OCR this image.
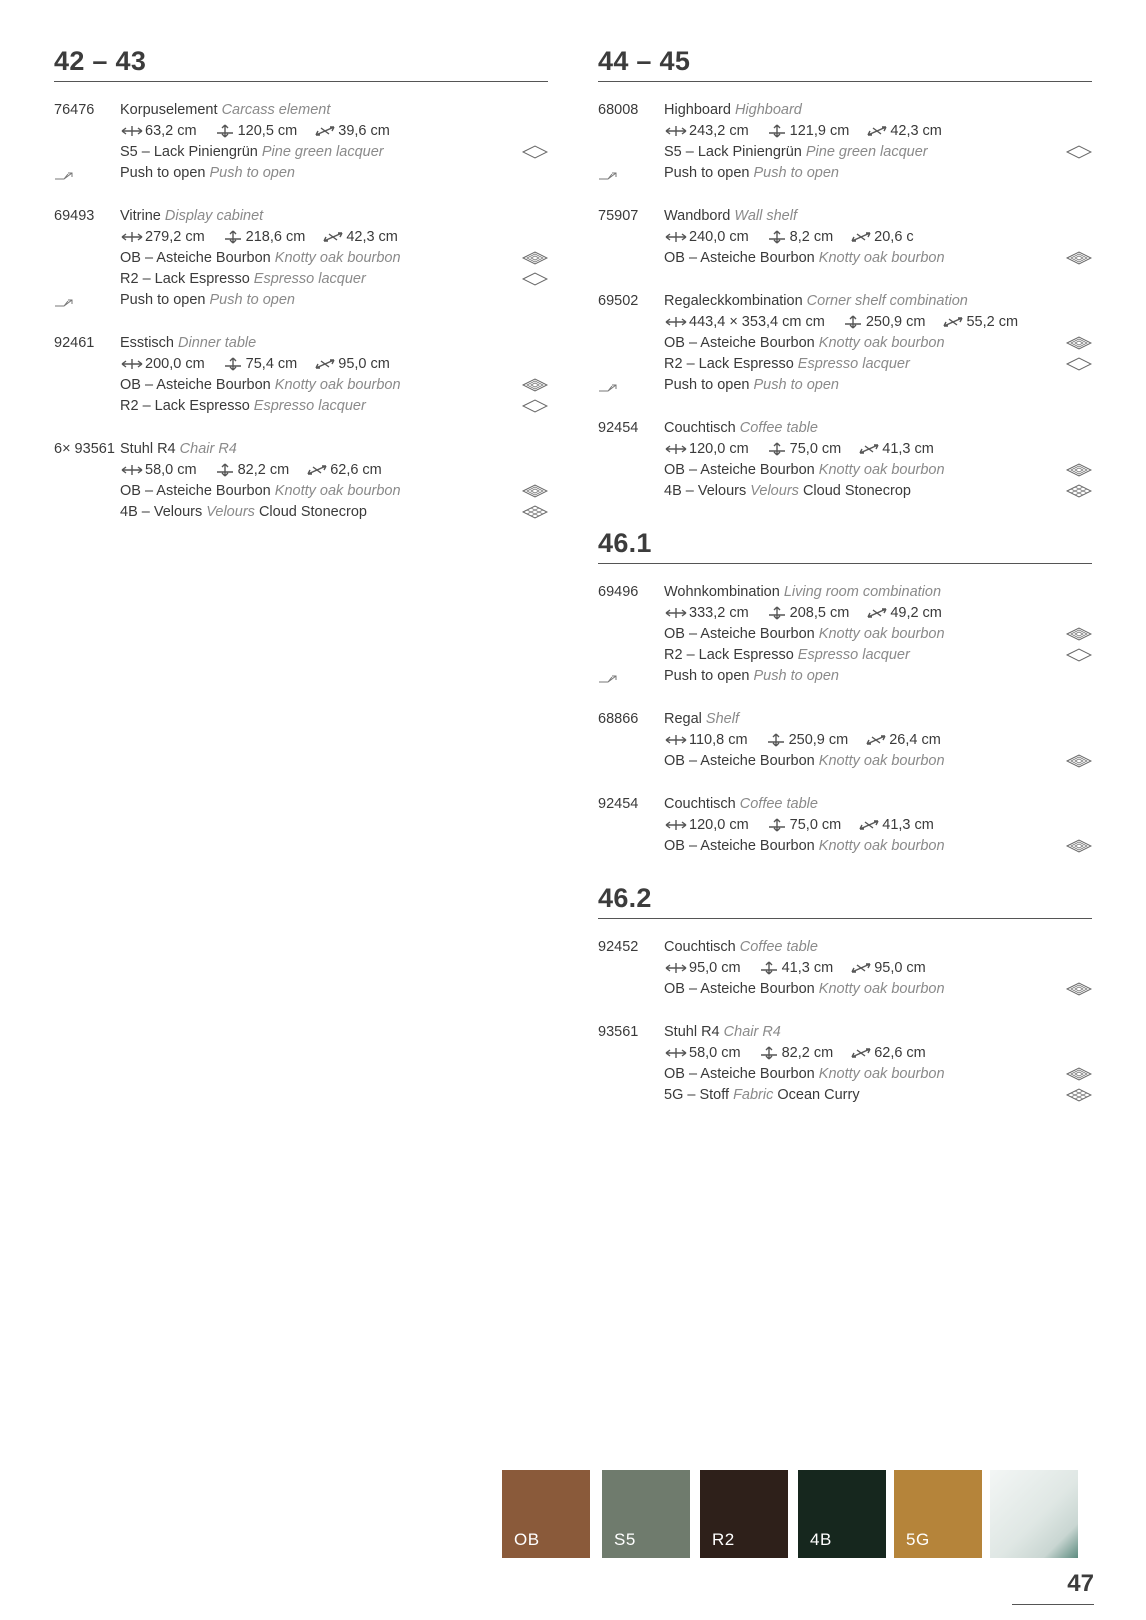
42 – 43
76476	Korpuselement Carcass element
63,2 cm	120,5 cm	39,6 cm
S5 – Lack Piniengrün Pine green lacquer
Push to open Push to open
69493	Vitrine Display cabinet
279,2 cm	218,6 cm	42,3 cm
OB – Asteiche Bourbon Knotty oak bourbon
R2 – Lack Espresso Espresso lacquer
Push to open Push to open
92461	Esstisch Dinner table
200,0 cm	75,4 cm	95,0 cm
OB – Asteiche Bourbon Knotty oak bourbon
R2 – Lack Espresso Espresso lacquer
6× 93561 Stuhl R4 Chair R4
58,0 cm	82,2 cm	62,6 cm
OB – Asteiche Bourbon Knotty oak bourbon
4B – Velours Velours Cloud Stonecrop
44 – 45
68008	Highboard Highboard
243,2 cm	121,9 cm	42,3 cm
S5 – Lack Piniengrün Pine green lacquer
Push to open Push to open
75907	Wandbord Wall shelf
240,0 cm	8,2 cm	20,6 c
OB – Asteiche Bourbon Knotty oak bourbon
69502	Regaleckkombination Corner shelf combination
443,4 × 353,4 cm cm	250,9 cm	55,2 cm
OB – Asteiche Bourbon Knotty oak bourbon
R2 – Lack Espresso Espresso lacquer
Push to open Push to open
92454	Couchtisch Coffee table
120,0 cm	75,0 cm	41,3 cm
OB – Asteiche Bourbon Knotty oak bourbon
4B – Velours Velours Cloud Stonecrop
46.1
69496	Wohnkombination Living room combination
333,2 cm	208,5 cm	49,2 cm
OB – Asteiche Bourbon Knotty oak bourbon
R2 – Lack Espresso Espresso lacquer
Push to open Push to open
68866	Regal Shelf
110,8 cm	250,9 cm	26,4 cm
OB – Asteiche Bourbon Knotty oak bourbon
92454	Couchtisch Coffee table
120,0 cm	75,0 cm	41,3 cm
OB – Asteiche Bourbon Knotty oak bourbon
46.2
92452	Couchtisch Coffee table
95,0 cm	41,3 cm	95,0 cm
OB – Asteiche Bourbon Knotty oak bourbon
93561	Stuhl R4 Chair R4
58,0 cm	82,2 cm	62,6 cm
OB – Asteiche Bourbon Knotty oak bourbon
5G – Stoff Fabric Ocean Curry
OB	S5	R2	4B	5G
47
